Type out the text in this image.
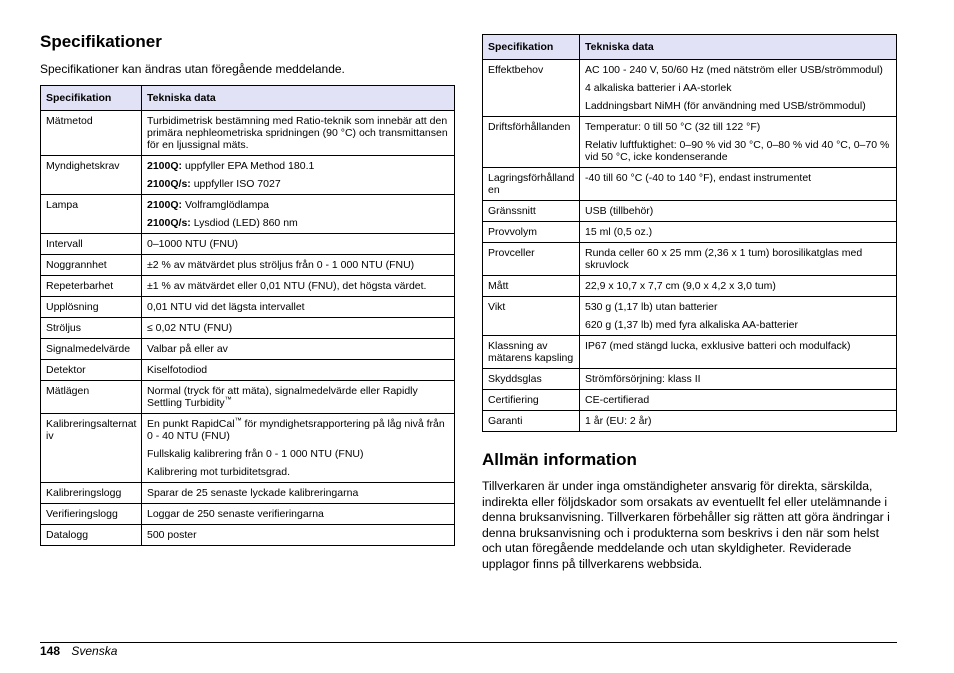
Specifikationer

Specifikationer kan ändras utan föregående meddelande.

Specifikation	Tekniska data
Mätmetod	Turbidimetrisk bestämning med Ratio-teknik som innebär att den primära nephleometriska spridningen (90 °C) och transmittansen för en ljussignal mäts.

Myndighetskrav	2100Q: uppfyller EPA Method 180.1

2100Q/s: uppfyller ISO 7027

Lampa	2100Q: Volframglödlampa

2100Q/s: Lysdiod (LED) 860 nm

Intervall	0–1000 NTU (FNU)

Noggrannhet	±2 % av mätvärdet plus ströljus från 0 - 1 000 NTU (FNU)

Repeterbarhet	±1 % av mätvärdet eller 0,01 NTU (FNU), det högsta värdet.

Upplösning	0,01 NTU vid det lägsta intervallet

Ströljus	≤ 0,02 NTU (FNU)

Signalmedelvärde	Valbar på eller av

Detektor	Kiselfotodiod

Mätlägen	Normal (tryck för att mäta), signalmedelvärde eller Rapidly Settling Turbidity™

Kalibreringsalternativ	En punkt RapidCal™ för myndighetsrapportering på låg nivå från 0 - 40 NTU (FNU)

Fullskalig kalibrering från 0 - 1 000 NTU (FNU)

Kalibrering mot turbiditetsgrad.

Kalibreringslogg	Sparar de 25 senaste lyckade kalibreringarna

Verifieringslogg	Loggar de 250 senaste verifieringarna

Datalogg	500 poster

Specifikation	Tekniska data
Effektbehov	AC 100 - 240 V, 50/60 Hz (med nätström eller USB/strömmodul)

4 alkaliska batterier i AA-storlek

Laddningsbart NiMH (för användning med USB/strömmodul)

Driftsförhållanden	Temperatur: 0 till 50 °C (32 till 122 °F)

Relativ luftfuktighet: 0–90 % vid 30 °C, 0–80 % vid 40 °C, 0–70 % vid 50 °C, icke kondenserande

Lagringsförhållanden	-40 till 60 °C (-40 to 140 °F), endast instrumentet

Gränssnitt	USB (tillbehör)

Provvolym	15 ml (0,5 oz.)

Provceller	Runda celler 60 x 25 mm (2,36 x 1 tum) borosilikatglas med skruvlock

Mått	22,9 x 10,7 x 7,7 cm (9,0 x 4,2 x 3,0 tum)

Vikt	530 g (1,17 lb) utan batterier

620 g (1,37 lb) med fyra alkaliska AA-batterier

Klassning av mätarens kapsling	IP67 (med stängd lucka, exklusive batteri och modulfack)

Skyddsglas	Strömförsörjning: klass II

Certifiering	CE-certifierad

Garanti	1 år (EU: 2 år)

Allmän information

Tillverkaren är under inga omständigheter ansvarig för direkta, särskilda, indirekta eller följdskador som orsakats av eventuellt fel eller utelämnande i denna bruksanvisning. Tillverkaren förbehåller sig rätten att göra ändringar i denna bruksanvisning och i produkterna som beskrivs i den när som helst och utan föregående meddelande och utan skyldigheter. Reviderade upplagor finns på tillverkarens webbsida.

148 Svenska
